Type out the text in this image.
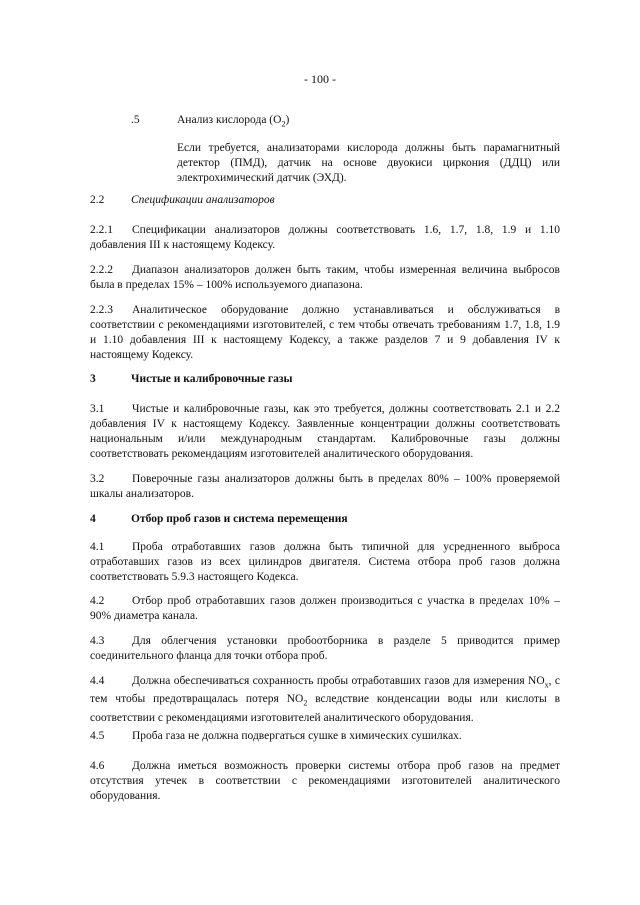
- 100 -
.5	Анализ кислорода $(O_2)$
Если требуется, анализаторами кислорода должны быть парамагнитный детектор (ПМД), датчик на основе двуокиси циркония (ДДЦ) или электрохимический датчик (ЭХД).
2.2 Спецификации анализаторов
2.2.1 Спецификации анализаторов должны соответствовать 1.6, 1.7, 1.8, 1.9 и 1.10 добавления III к настоящему Кодексу.
2.2.2 Диапазон анализаторов должен быть таким, чтобы измеренная величина выбросов была в пределах 15% – 100% используемого диапазона.
2.2.3 Аналитическое оборудование должно устанавливаться и обслуживаться в соответствии с рекомендациями изготовителей, с тем чтобы отвечать требованиям 1.7, 1.8, 1.9 и 1.10 добавления III к настоящему Кодексу, а также разделов 7 и 9 добавления IV к настоящему Кодексу.
3	Чистые и калибровочные газы
3.1 Чистые и калибровочные газы, как это требуется, должны соответствовать 2.1 и 2.2 добавления IV к настоящему Кодексу. Заявленные концентрации должны соответствовать национальным и/или международным стандартам. Калибровочные газы должны соответствовать рекомендациям изготовителей аналитического оборудования.
3.2 Поверочные газы анализаторов должны быть в пределах 80% – 100% проверяемой шкалы анализаторов.
4	Отбор проб газов и система перемещения
4.1 Проба отработавших газов должна быть типичной для усредненного выброса отработавших газов из всех цилиндров двигателя. Система отбора проб газов должна соответствовать 5.9.3 настоящего Кодекса.
4.2 Отбор проб отработавших газов должен производиться с участка в пределах 10% – 90% диаметра канала.
4.3 Для облегчения установки пробоотборника в разделе 5 приводится пример соединительного фланца для точки отбора проб.
4.4 Должна обеспечиваться сохранность пробы отработавших газов для измерения $NO_x$, с тем чтобы предотвращалась потеря $NO_2$ вследствие конденсации воды или кислоты в соответствии с рекомендациями изготовителей аналитического оборудования.
4.5 Проба газа не должна подвергаться сушке в химических сушилках.
4.6 Должна иметься возможность проверки системы отбора проб газов на предмет отсутствия утечек в соответствии с рекомендациями изготовителей аналитического оборудования.
